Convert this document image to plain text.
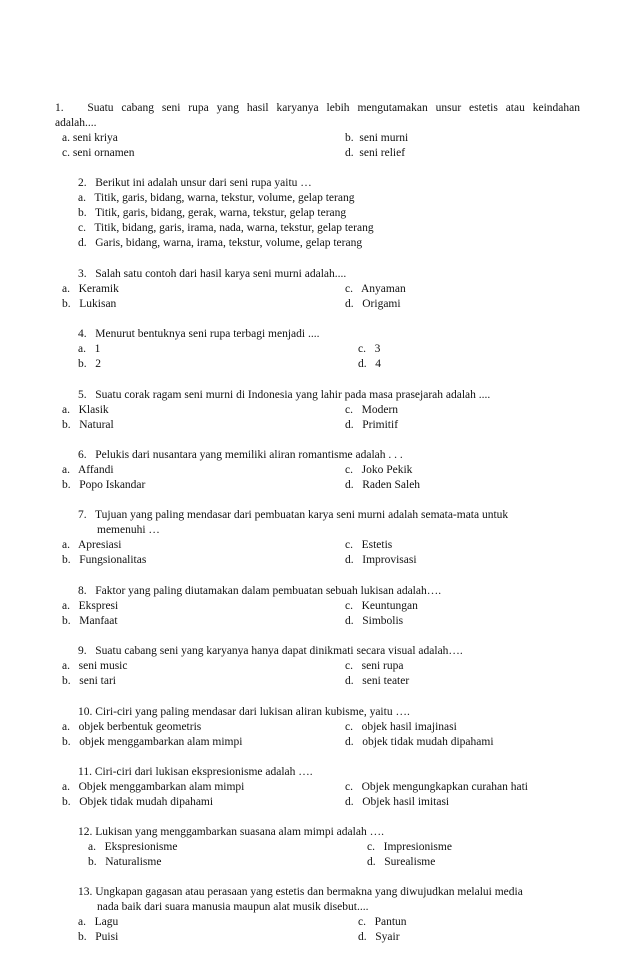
1. Suatu cabang seni rupa yang hasil karyanya lebih mengutamakan unsur estetis atau keindahan
adalah....
a. seni kriya	b. seni murni
c. seni ornamen	d. seni relief
2. Berikut ini adalah unsur dari seni rupa yaitu …
a. Titik, garis, bidang, warna, tekstur, volume, gelap terang
b. Titik, garis, bidang, gerak, warna, tekstur, gelap terang
c. Titik, bidang, garis, irama, nada, warna, tekstur, gelap terang
d. Garis, bidang, warna, irama, tekstur, volume, gelap terang
3. Salah satu contoh dari hasil karya seni murni adalah....
a. Keramik	c. Anyaman
b. Lukisan	d. Origami
4. Menurut bentuknya seni rupa terbagi menjadi ....
a. 1	c. 3
b. 2	d. 4
5. Suatu corak ragam seni murni di Indonesia yang lahir pada masa prasejarah adalah ....
a. Klasik	c. Modern
b. Natural	d. Primitif
6. Pelukis dari nusantara yang memiliki aliran romantisme adalah . . .
a. Affandi	c. Joko Pekik
b. Popo Iskandar	d. Raden Saleh
7. Tujuan yang paling mendasar dari pembuatan karya seni murni adalah semata-mata untuk
memenuhi …
a. Apresiasi	c. Estetis
b. Fungsionalitas	d. Improvisasi
8. Faktor yang paling diutamakan dalam pembuatan sebuah lukisan adalah….
a. Ekspresi	c. Keuntungan
b. Manfaat	d. Simbolis
9. Suatu cabang seni yang karyanya hanya dapat dinikmati secara visual adalah….
a. seni music	c. seni rupa
b. seni tari	d. seni teater
10. Ciri-ciri yang paling mendasar dari lukisan aliran kubisme, yaitu ….
a. objek berbentuk geometris	c. objek hasil imajinasi
b. objek menggambarkan alam mimpi	d. objek tidak mudah dipahami
11. Ciri-ciri dari lukisan ekspresionisme adalah ….
a. Objek menggambarkan alam mimpi	c. Objek mengungkapkan curahan hati
b. Objek tidak mudah dipahami	d. Objek hasil imitasi
12. Lukisan yang menggambarkan suasana alam mimpi adalah ….
a. Ekspresionisme	c. Impresionisme
b. Naturalisme	d. Surealisme
13. Ungkapan gagasan atau perasaan yang estetis dan bermakna yang diwujudkan melalui media
nada baik dari suara manusia maupun alat musik disebut....
a. Lagu	c. Pantun
b. Puisi	d. Syair
